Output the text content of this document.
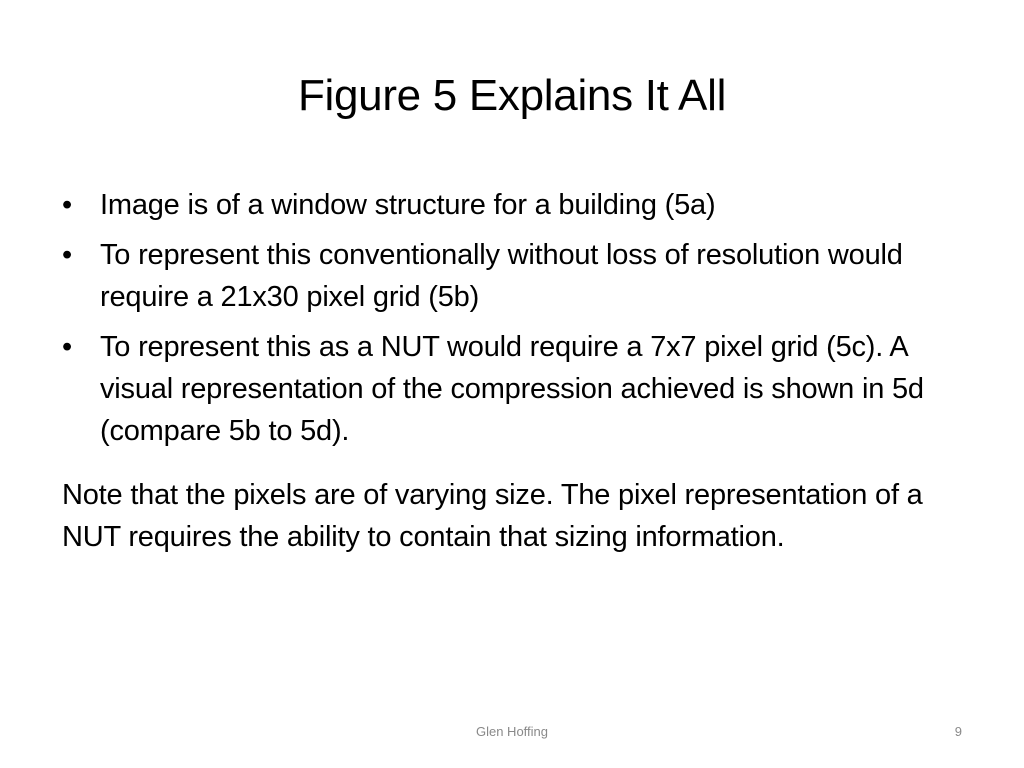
Figure 5 Explains It All
• Image is of a window structure for a building (5a)
• To represent this conventionally without loss of resolution would require a 21x30 pixel grid (5b)
• To represent this as a NUT would require a 7x7 pixel grid (5c). A visual representation of the compression achieved is shown in 5d (compare 5b to 5d).
Note that the pixels are of varying size. The pixel representation of a NUT requires the ability to contain that sizing information.
Glen Hoffing	9
